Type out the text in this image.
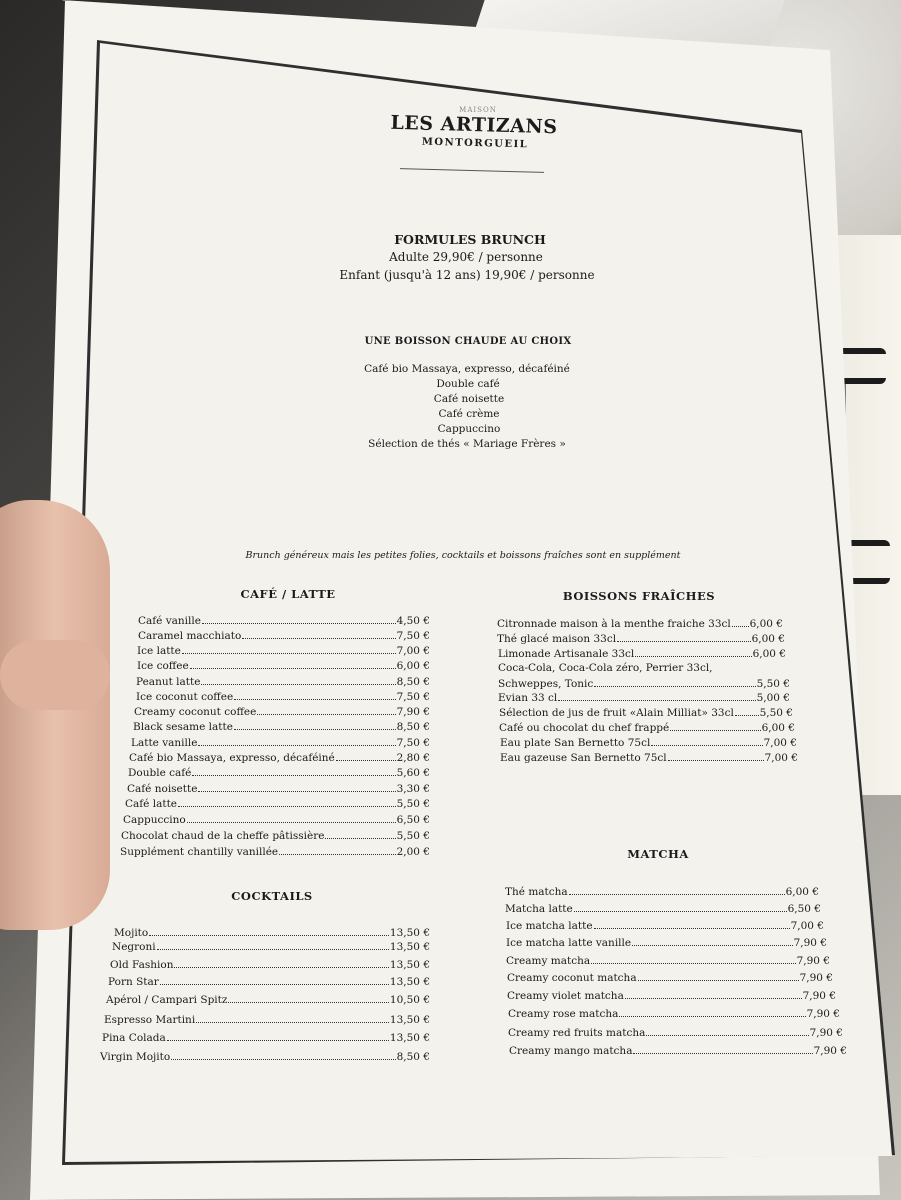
MAISON
LES ARTIZANS
MONTORGUEIL
FORMULES BRUNCH
Adulte 29,90€ / personne
Enfant (jusqu'à 12 ans) 19,90€ / personne
UNE BOISSON CHAUDE AU CHOIX
Café bio Massaya, expresso, décaféiné
Double café
Café noisette
Café crème
Cappuccino
Sélection de thés « Mariage Frères »
Brunch généreux mais les petites folies, cocktails et boissons fraîches sont en supplément
CAFÉ / LATTE
Café vanille	4,50 €
Caramel macchiato	7,50 €
Ice latte	7,00 €
Ice coffee	6,00 €
Peanut latte	8,50 €
Ice coconut coffee	7,50 €
Creamy coconut coffee	7,90 €
Black sesame latte	8,50 €
Latte vanille	7,50 €
Café bio Massaya, expresso, décaféiné	2,80 €
Double café	5,60 €
Café noisette	3,30 €
Café latte	5,50 €
Cappuccino	6,50 €
Chocolat chaud de la cheffe pâtissière	5,50 €
Supplément chantilly vanillée	2,00 €
COCKTAILS
Mojito	13,50 €
Negroni	13,50 €
Old Fashion	13,50 €
Porn Star	13,50 €
Apérol / Campari Spitz	10,50 €
Espresso Martini	13,50 €
Pina Colada	13,50 €
Virgin Mojito	8,50 €
BOISSONS FRAÎCHES
Citronnade maison à la menthe fraiche 33cl 6,00 €
Thé glacé maison 33cl	6,00 €
Limonade Artisanale 33cl	6,00 €
Coca-Cola, Coca-Cola zéro, Perrier 33cl,
Schweppes, Tonic	5,50 €
Evian 33 cl	5,00 €
Sélection de jus de fruit «Alain Milliat» 33cl 5,50 €
Café ou chocolat du chef frappé	6,00 €
Eau plate San Bernetto 75cl	7,00 €
Eau gazeuse San Bernetto 75cl	7,00 €
MATCHA
Thé matcha	6,00 €
Matcha latte	6,50 €
Ice matcha latte	7,00 €
Ice matcha latte vanille	7,90 €
Creamy matcha	7,90 €
Creamy coconut matcha	7,90 €
Creamy violet matcha	7,90 €
Creamy rose matcha	7,90 €
Creamy red fruits matcha	7,90 €
Creamy mango matcha	7,90 €
